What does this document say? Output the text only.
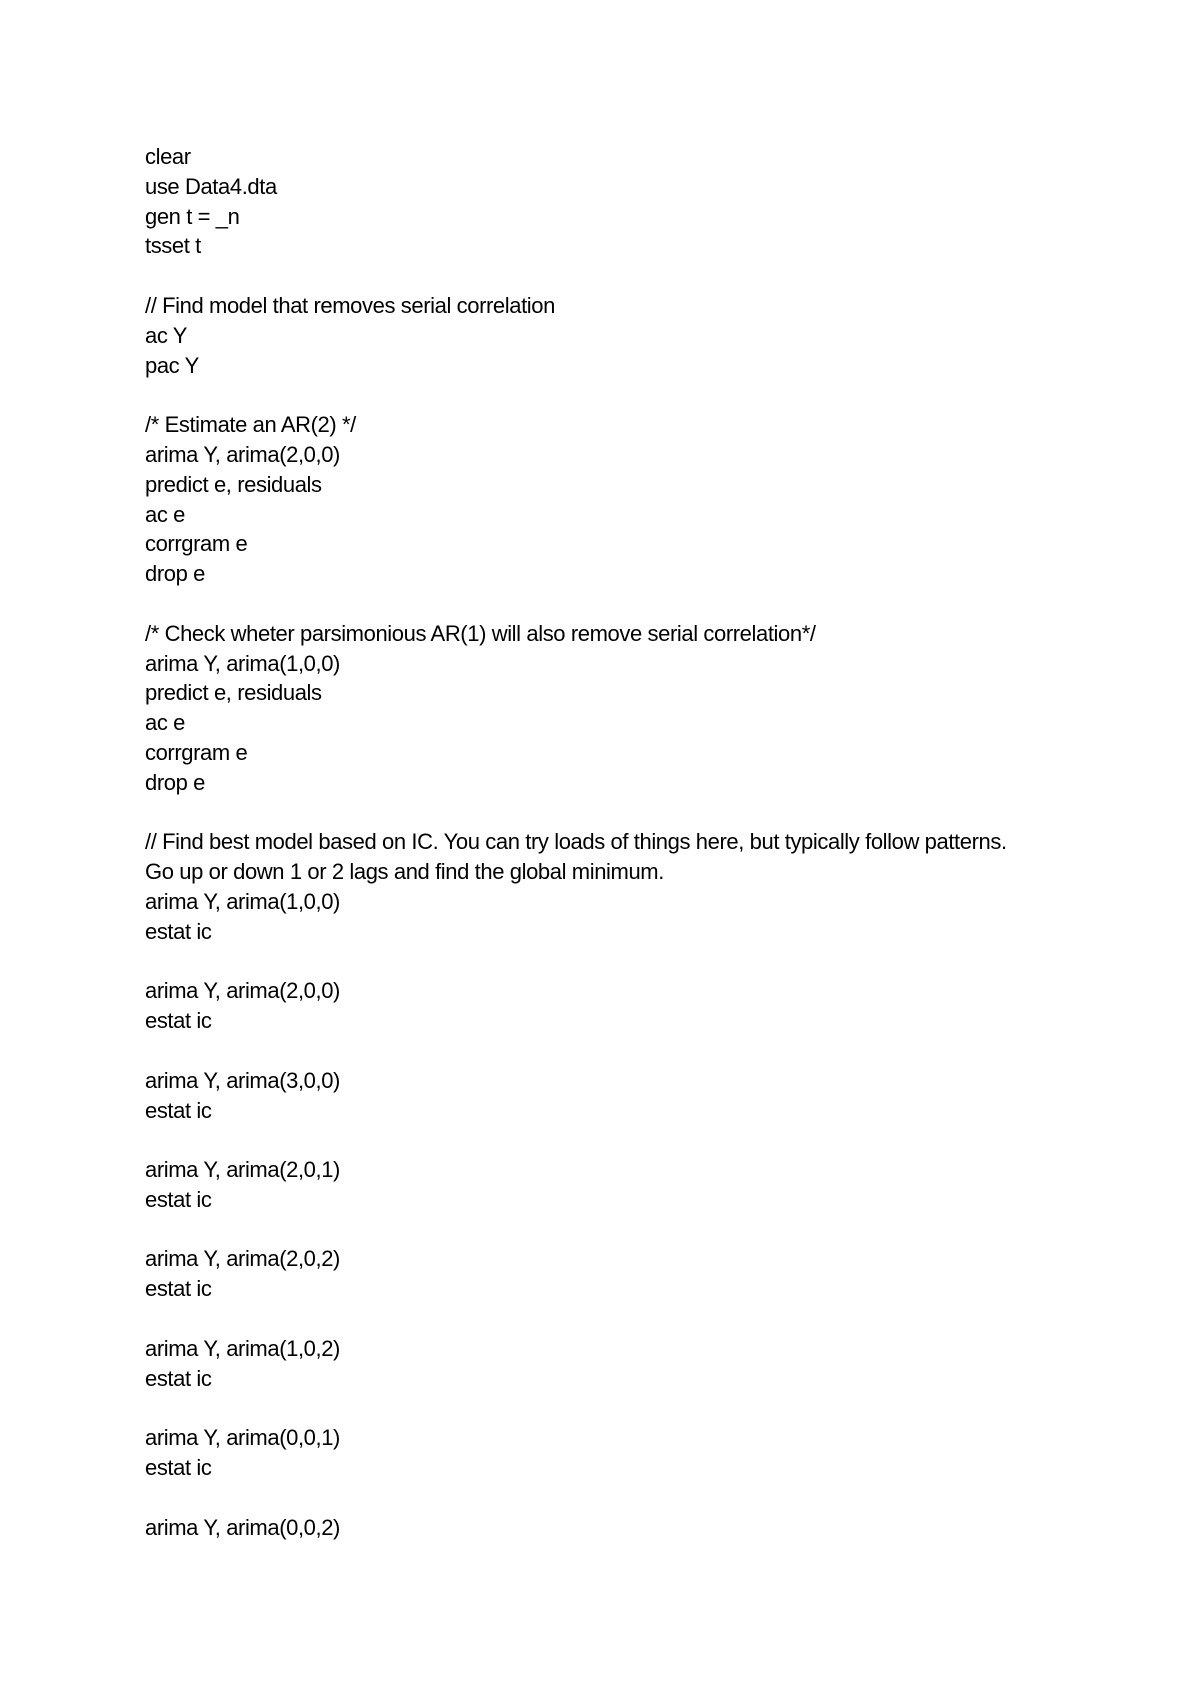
clear
use Data4.dta
gen t = _n
tsset t
// Find model that removes serial correlation
ac Y
pac Y
/* Estimate an AR(2) */
arima Y, arima(2,0,0)
predict e, residuals
ac e
corrgram e
drop e
/* Check wheter parsimonious AR(1) will also remove serial correlation*/
arima Y, arima(1,0,0)
predict e, residuals
ac e
corrgram e
drop e
// Find best model based on IC. You can try loads of things here, but typically follow patterns.
Go up or down 1 or 2 lags and find the global minimum.
arima Y, arima(1,0,0)
estat ic
arima Y, arima(2,0,0)
estat ic
arima Y, arima(3,0,0)
estat ic
arima Y, arima(2,0,1)
estat ic
arima Y, arima(2,0,2)
estat ic
arima Y, arima(1,0,2)
estat ic
arima Y, arima(0,0,1)
estat ic
arima Y, arima(0,0,2)
